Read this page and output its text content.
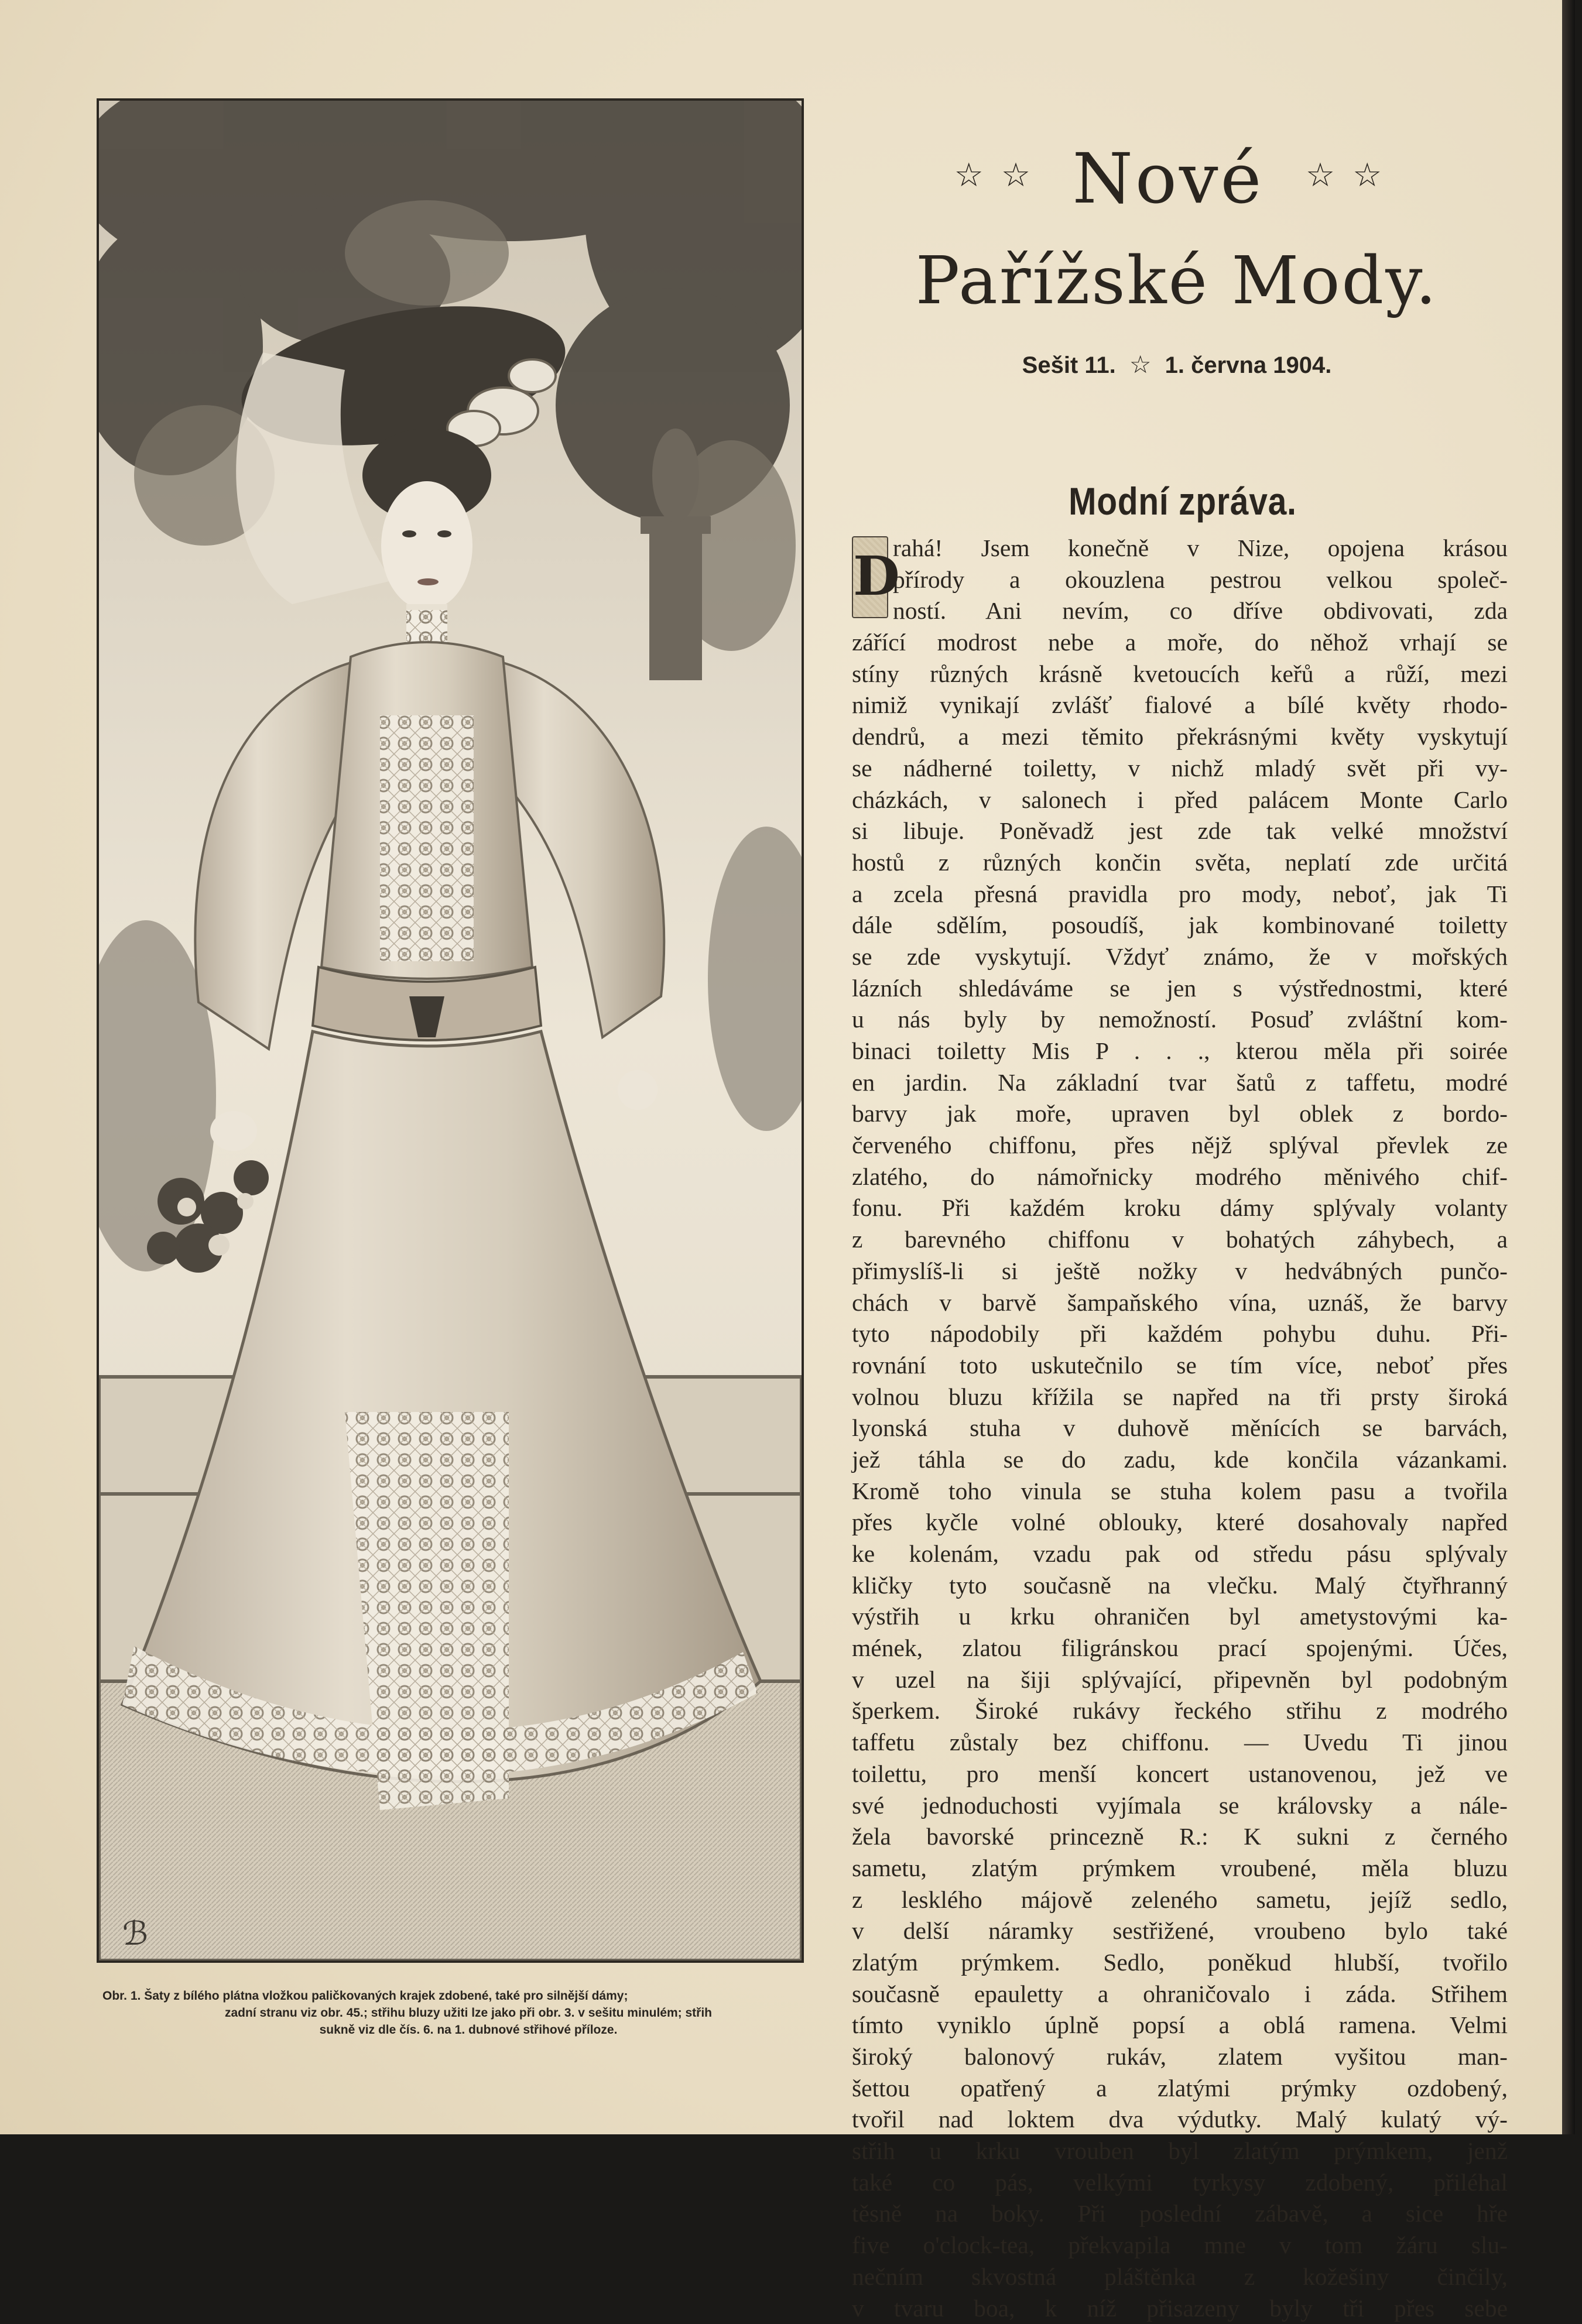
ℬ
Obr. 1. Šaty z bílého plátna vložkou paličkovaných krajek zdobené, také pro silnější dámy;
zadní stranu viz obr. 45.; střihu bluzy užiti lze jako při obr. 3. v sešitu minulém; střih
sukně viz dle čís. 6. na 1. dubnové střihové příloze.
☆☆ Nové ☆☆
Pařížské Mody.
Sešit 11. ☆ 1. června 1904.
Modní zpráva.
D
rahá! Jsem konečně v Nize, opojena krásou
přírody a okouzlena pestrou velkou společ-
ností. Ani nevím, co dříve obdivovati, zda
zářící modrost nebe a moře, do něhož vrhají se
stíny různých krásně kvetoucích keřů a růží, mezi
nimiž vynikají zvlášť fialové a bílé květy rhodo-
dendrů, a mezi těmito překrásnými květy vyskytují
se nádherné toiletty, v nichž mladý svět při vy-
cházkách, v salonech i před palácem Monte Carlo
si libuje. Poněvadž jest zde tak velké množství
hostů z různých končin světa, neplatí zde určitá
a zcela přesná pravidla pro mody, neboť, jak Ti
dále sdělím, posoudíš, jak kombinované toiletty
se zde vyskytují. Vždyť známo, že v mořských
lázních shledáváme se jen s výstřednostmi, které
u nás byly by nemožností. Posuď zvláštní kom-
binaci toiletty Mis P . . ., kterou měla při soirée
en jardin. Na základní tvar šatů z taffetu, modré
barvy jak moře, upraven byl oblek z bordo-
červeného chiffonu, přes nějž splýval převlek ze
zlatého, do námořnicky modrého měnivého chif-
fonu. Při každém kroku dámy splývaly volanty
z barevného chiffonu v bohatých záhybech, a
přimyslíš-li si ještě nožky v hedvábných punčo-
chách v barvě šampaňského vína, uznáš, že barvy
tyto nápodobily při každém pohybu duhu. Při-
rovnání toto uskutečnilo se tím více, neboť přes
volnou bluzu křížila se napřed na tři prsty široká
lyonská stuha v duhově měnících se barvách,
jež táhla se do zadu, kde končila vázankami.
Kromě toho vinula se stuha kolem pasu a tvořila
přes kyčle volné oblouky, které dosahovaly napřed
ke kolenám, vzadu pak od středu pásu splývaly
kličky tyto současně na vlečku. Malý čtyřhranný
výstřih u krku ohraničen byl ametystovými ka-
mének, zlatou filigránskou prací spojenými. Účes,
v uzel na šiji splývající, připevněn byl podobným
šperkem. Široké rukávy řeckého střihu z modrého
taffetu zůstaly bez chiffonu. — Uvedu Ti jinou
toilettu, pro menší koncert ustanovenou, jež ve
své jednoduchosti vyjímala se královsky a nále-
žela bavorské princezně R.: K sukni z černého
sametu, zlatým prýmkem vroubené, měla bluzu
z lesklého májově zeleného sametu, jejíž sedlo,
v delší náramky sestřižené, vroubeno bylo také
zlatým prýmkem. Sedlo, poněkud hlubší, tvořilo
současně epauletty a ohraničovalo i záda. Střihem
tímto vyniklo úplně popsí a oblá ramena. Velmi
široký balonový rukáv, zlatem vyšitou man-
šettou opatřený a zlatými prýmky ozdobený,
tvořil nad loktem dva výdutky. Malý kulatý vý-
střih u krku vrouben byl zlatým prýmkem, jenž
také co pás, velkými tyrkysy zdobený, přiléhal
těsně na boky. Při poslední zábavě, a sice hře
five o'clock-tea, překvapila mne v tom žáru slu-
nečním skvostná pláštěnka z kožešiny činčily,
v tvaru boa, k níž přisazeny byly tři přes sebe
